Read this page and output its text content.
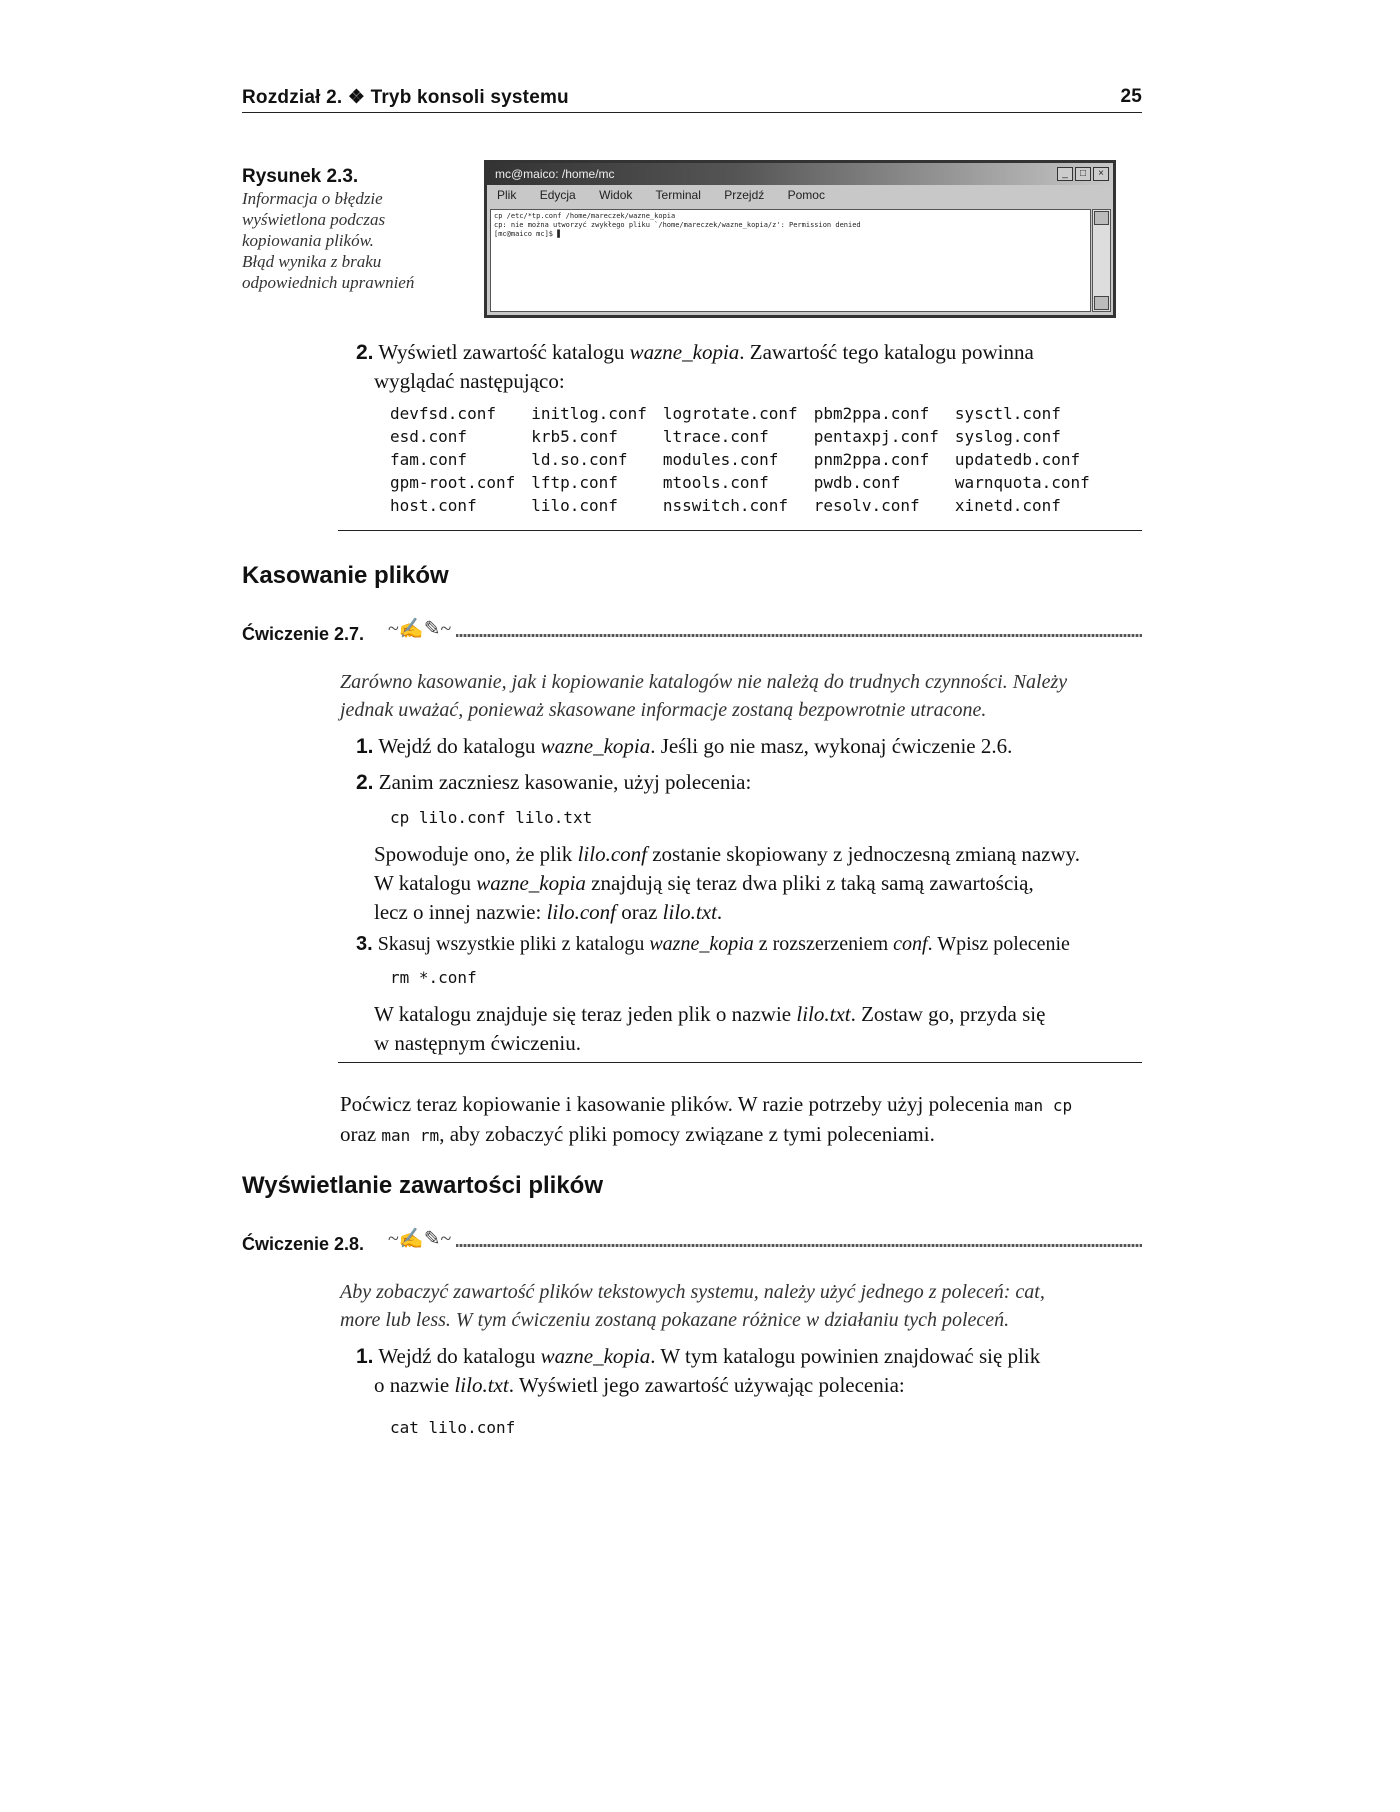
Rozdział 2. ❖ Tryb konsoli systemu	25
Rysunek 2.3.
Informacja o błędzie
wyświetlona podczas
kopiowania plików.
Błąd wynika z braku
odpowiednich uprawnień
mc@maico: /home/mc	_	□	×
Plik Edycja Widok Terminal Przejdź Pomoc
cp /etc/*tp.conf /home/mareczek/wazne_kopia
cp: nie można utworzyć zwykłego pliku `/home/mareczek/wazne_kopia/z': Permission denied
[mc@maico mc]$ ▋
2. Wyświetl zawartość katalogu wazne_kopia. Zawartość tego katalogu powinna
wyglądać następująco:
devfsd.conf	initlog.conf	logrotate.conf	pbm2ppa.conf	sysctl.conf
esd.conf	krb5.conf	ltrace.conf	pentaxpj.conf	syslog.conf
fam.conf	ld.so.conf	modules.conf	pnm2ppa.conf	updatedb.conf
gpm-root.conf	lftp.conf	mtools.conf	pwdb.conf	warnquota.conf
host.conf	lilo.conf	nsswitch.conf	resolv.conf	xinetd.conf
Kasowanie plików
Ćwiczenie 2.7. ~✍✎~
Zarówno kasowanie, jak i kopiowanie katalogów nie należą do trudnych czynności. Należy
jednak uważać, ponieważ skasowane informacje zostaną bezpowrotnie utracone.
1. Wejdź do katalogu wazne_kopia. Jeśli go nie masz, wykonaj ćwiczenie 2.6.
2. Zanim zaczniesz kasowanie, użyj polecenia:
cp lilo.conf lilo.txt
Spowoduje ono, że plik lilo.conf zostanie skopiowany z jednoczesną zmianą nazwy.
W katalogu wazne_kopia znajdują się teraz dwa pliki z taką samą zawartością,
lecz o innej nazwie: lilo.conf oraz lilo.txt.
3. Skasuj wszystkie pliki z katalogu wazne_kopia z rozszerzeniem conf. Wpisz polecenie
rm *.conf
W katalogu znajduje się teraz jeden plik o nazwie lilo.txt. Zostaw go, przyda się
w następnym ćwiczeniu.
Poćwicz teraz kopiowanie i kasowanie plików. W razie potrzeby użyj polecenia man cp
oraz man rm, aby zobaczyć pliki pomocy związane z tymi poleceniami.
Wyświetlanie zawartości plików
Ćwiczenie 2.8. ~✍✎~
Aby zobaczyć zawartość plików tekstowych systemu, należy użyć jednego z poleceń: cat,
more lub less. W tym ćwiczeniu zostaną pokazane różnice w działaniu tych poleceń.
1. Wejdź do katalogu wazne_kopia. W tym katalogu powinien znajdować się plik
o nazwie lilo.txt. Wyświetl jego zawartość używając polecenia:
cat lilo.conf
